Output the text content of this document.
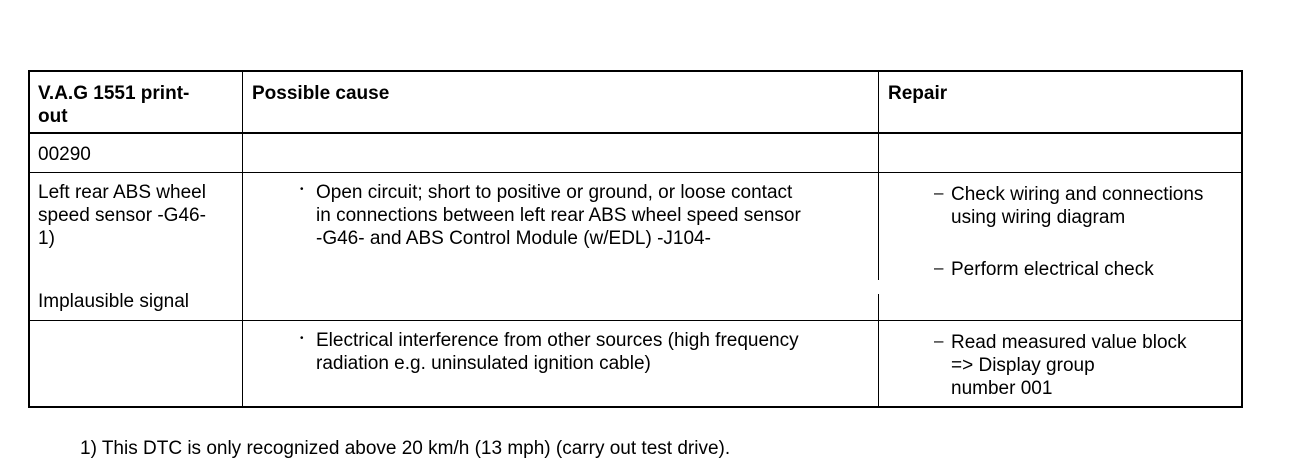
V.A.G 1551 print-
out
Possible cause	Repair
00290
Left rear ABS wheel
speed sensor -G46-
1)
Implausible signal
• Open circuit; short to positive or ground, or loose contact
in connections between left rear ABS wheel speed sensor
-G46- and ABS Control Module (w/EDL) -J104-
• Electrical interference from other sources (high frequency
radiation e.g. uninsulated ignition cable)
– Check wiring and connections
using wiring diagram
– Perform electrical check
– Read measured value block
=> Display group
number 001
1) This DTC is only recognized above 20 km/h (13 mph) (carry out test drive).
